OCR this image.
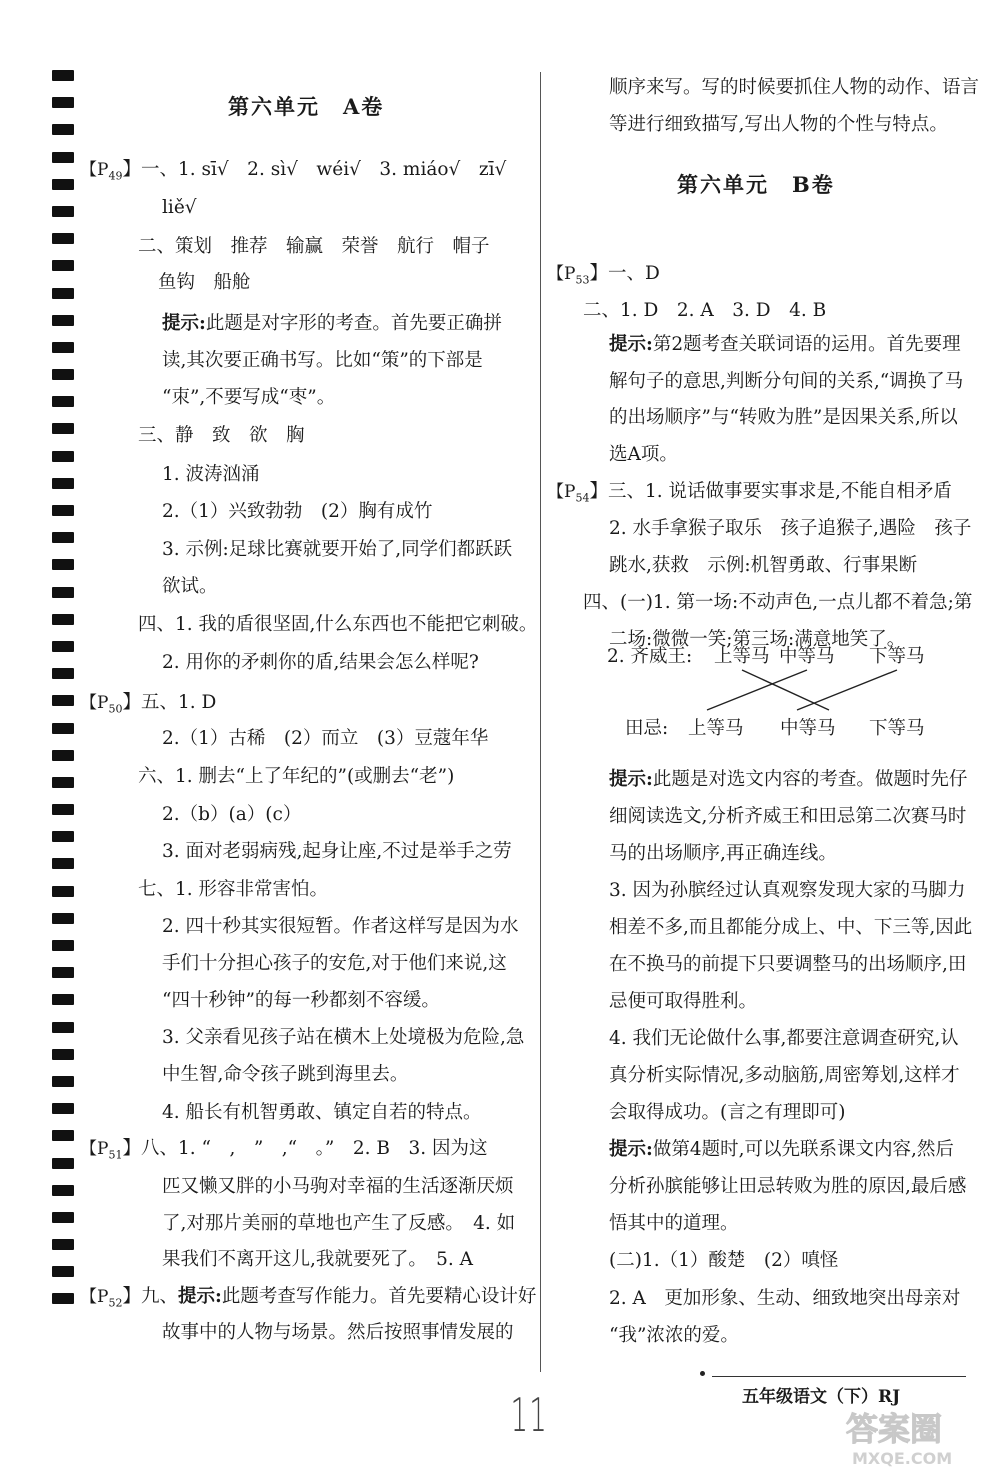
第六单元　A卷
【$P_{49}$】一、1. sī√　2. sì√　wéi√　3. miáo√　zī√
liě√
二、策划　推荐　输赢　荣誉　航行　帽子
鱼钩　船舱
提示:此题是对字形的考查。首先要正确拼
读,其次要正确书写。比如“策”的下部是
“朿”,不要写成“枣”。
三、静　致　欲　胸
1. 波涛汹涌
2.（1）兴致勃勃　(2）胸有成竹
3. 示例:足球比赛就要开始了,同学们都跃跃
欲试。
四、1. 我的盾很坚固,什么东西也不能把它刺破。
2. 用你的矛刺你的盾,结果会怎么样呢?
【$P_{50}$】五、1. D
2.（1）古稀　(2）而立　(3）豆蔻年华
六、1. 删去“上了年纪的”(或删去“老”)
2.（b）(a）(c）
3. 面对老弱病残,起身让座,不过是举手之劳
七、1. 形容非常害怕。
2. 四十秒其实很短暂。作者这样写是因为水
手们十分担心孩子的安危,对于他们来说,这
“四十秒钟”的每一秒都刻不容缓。
3. 父亲看见孩子站在横木上处境极为危险,急
中生智,命令孩子跳到海里去。
4. 船长有机智勇敢、镇定自若的特点。
【$P_{51}$】八、1. “　,　”　,“　。”　2. B　3. 因为这
匹又懒又胖的小马驹对幸福的生活逐渐厌烦
了,对那片美丽的草地也产生了反感。　4. 如
果我们不离开这儿,我就要死了。　5. A
【$P_{52}$】九、提示:此题考查写作能力。首先要精心设计好
故事中的人物与场景。然后按照事情发展的
第六单元　B卷
顺序来写。写的时候要抓住人物的动作、语言
等进行细致描写,写出人物的个性与特点。
【$P_{53}$】一、D
二、1. D　2. A　3. D　4. B
提示:第2题考查关联词语的运用。首先要理
解句子的意思,判断分句间的关系,“调换了马
的出场顺序”与“转败为胜”是因果关系,所以
选A项。
【$P_{54}$】三、1. 说话做事要实事求是,不能自相矛盾
2. 水手拿猴子取乐　孩子追猴子,遇险　孩子
跳水,获救　示例:机智勇敢、行事果断
四、(一)1. 第一场:不动声色,一点儿都不着急;第
二场:微微一笑;第三场:满意地笑了。
提示:此题是对选文内容的考查。做题时先仔
细阅读选文,分析齐威王和田忌第二次赛马时
马的出场顺序,再正确连线。
3. 因为孙膑经过认真观察发现大家的马脚力
相差不多,而且都能分成上、中、下三等,因此
在不换马的前提下只要调整马的出场顺序,田
忌便可取得胜利。
4. 我们无论做什么事,都要注意调查研究,认
真分析实际情况,多动脑筋,周密筹划,这样才
会取得成功。(言之有理即可)
提示:做第4题时,可以先联系课文内容,然后
分析孙膑能够让田忌转败为胜的原因,最后感
悟其中的道理。
(二)1.（1）酸楚　(2）嗔怪
2. A　更加形象、生动、细致地突出母亲对
“我”浓浓的爱。
2. 齐威王: 上等马 中等马 下等马
田忌: 上等马 中等马 下等马
五年级语文（下）RJ
11	答案圈
MXQE.COM
